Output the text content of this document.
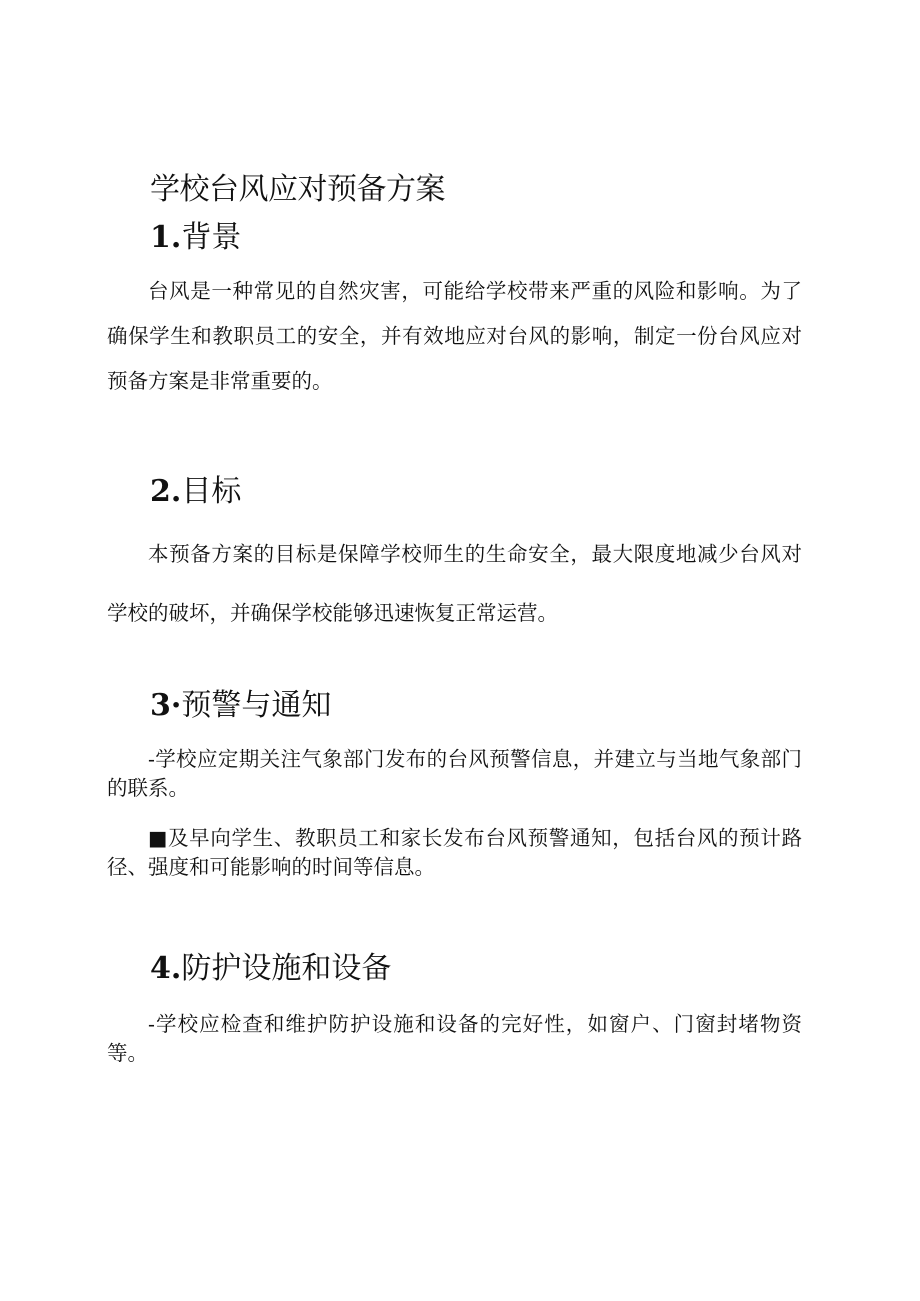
学校台风应对预备方案
1.背景

台风是一种常见的自然灾害，可能给学校带来严重的风险和影响。为了确保学生和教职员工的安全，并有效地应对台风的影响，制定一份台风应对预备方案是非常重要的。

2.目标

本预备方案的目标是保障学校师生的生命安全，最大限度地减少台风对学校的破坏，并确保学校能够迅速恢复正常运营。

3·预警与通知

-学校应定期关注气象部门发布的台风预警信息，并建立与当地气象部门的联系。

■及早向学生、教职员工和家长发布台风预警通知，包括台风的预计路径、强度和可能影响的时间等信息。

4.防护设施和设备

-学校应检查和维护防护设施和设备的完好性，如窗户、门窗封堵物资等。
